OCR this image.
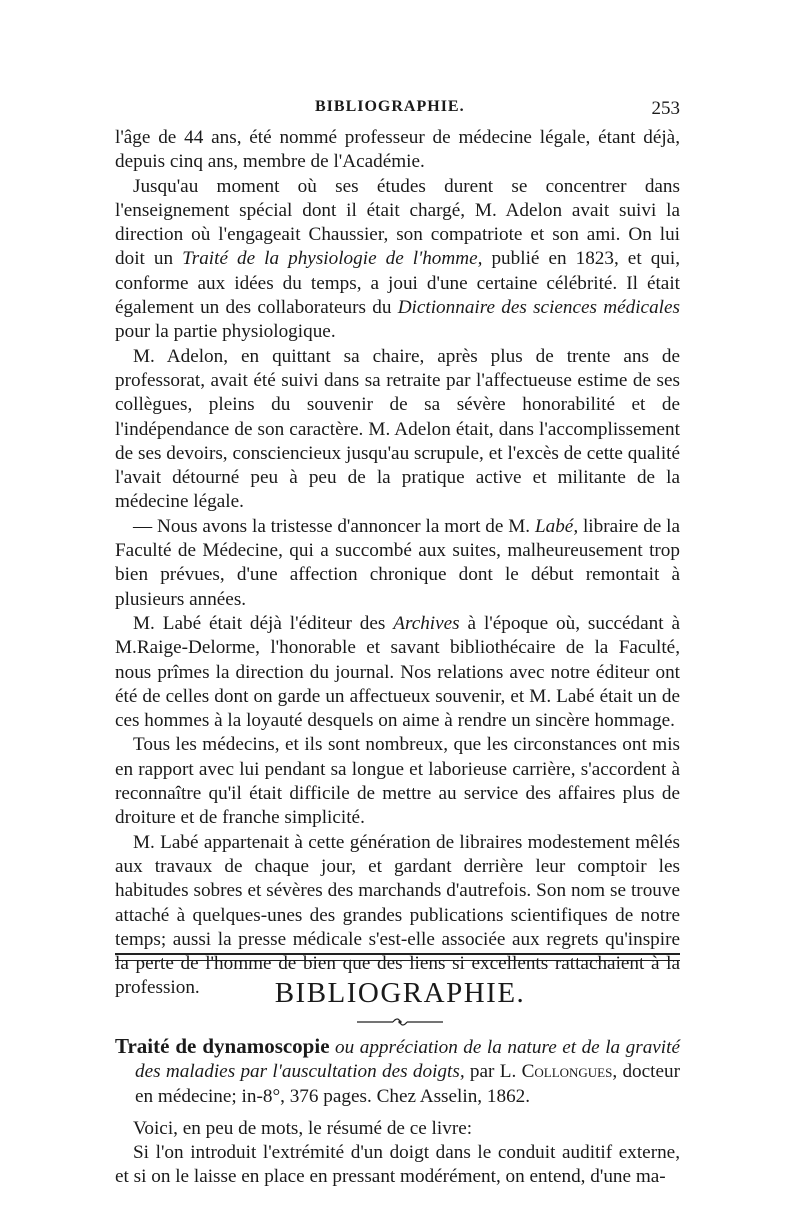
BIBLIOGRAPHIE.	253

l'âge de 44 ans, été nommé professeur de médecine légale, étant déjà, depuis cinq ans, membre de l'Académie.

Jusqu'au moment où ses études durent se concentrer dans l'enseignement spécial dont il était chargé, M. Adelon avait suivi la direction où l'engageait Chaussier, son compatriote et son ami. On lui doit un Traité de la physiologie de l'homme, publié en 1823, et qui, conforme aux idées du temps, a joui d'une certaine célébrité. Il était également un des collaborateurs du Dictionnaire des sciences médicales pour la partie physiologique.

M. Adelon, en quittant sa chaire, après plus de trente ans de professorat, avait été suivi dans sa retraite par l'affectueuse estime de ses collègues, pleins du souvenir de sa sévère honorabilité et de l'indépendance de son caractère. M. Adelon était, dans l'accomplissement de ses devoirs, consciencieux jusqu'au scrupule, et l'excès de cette qualité l'avait détourné peu à peu de la pratique active et militante de la médecine légale.

— Nous avons la tristesse d'annoncer la mort de M. Labé, libraire de la Faculté de Médecine, qui a succombé aux suites, malheureusement trop bien prévues, d'une affection chronique dont le début remontait à plusieurs années.

M. Labé était déjà l'éditeur des Archives à l'époque où, succédant à M.Raige-Delorme, l'honorable et savant bibliothécaire de la Faculté, nous prîmes la direction du journal. Nos relations avec notre éditeur ont été de celles dont on garde un affectueux souvenir, et M. Labé était un de ces hommes à la loyauté desquels on aime à rendre un sincère hommage.

Tous les médecins, et ils sont nombreux, que les circonstances ont mis en rapport avec lui pendant sa longue et laborieuse carrière, s'accordent à reconnaître qu'il était difficile de mettre au service des affaires plus de droiture et de franche simplicité.

M. Labé appartenait à cette génération de libraires modestement mêlés aux travaux de chaque jour, et gardant derrière leur comptoir les habitudes sobres et sévères des marchands d'autrefois. Son nom se trouve attaché à quelques-unes des grandes publications scientifiques de notre temps; aussi la presse médicale s'est-elle associée aux regrets qu'inspire la perte de l'homme de bien que des liens si excellents rattachaient à la profession.	BIBLIOGRAPHIE.

Traité de dynamoscopie ou appréciation de la nature et de la gravité des maladies par l'auscultation des doigts, par L. Collongues, docteur en médecine; in-8°, 376 pages. Chez Asselin, 1862.

Voici, en peu de mots, le résumé de ce livre:

Si l'on introduit l'extrémité d'un doigt dans le conduit auditif externe, et si on le laisse en place en pressant modérément, on entend, d'une ma-
